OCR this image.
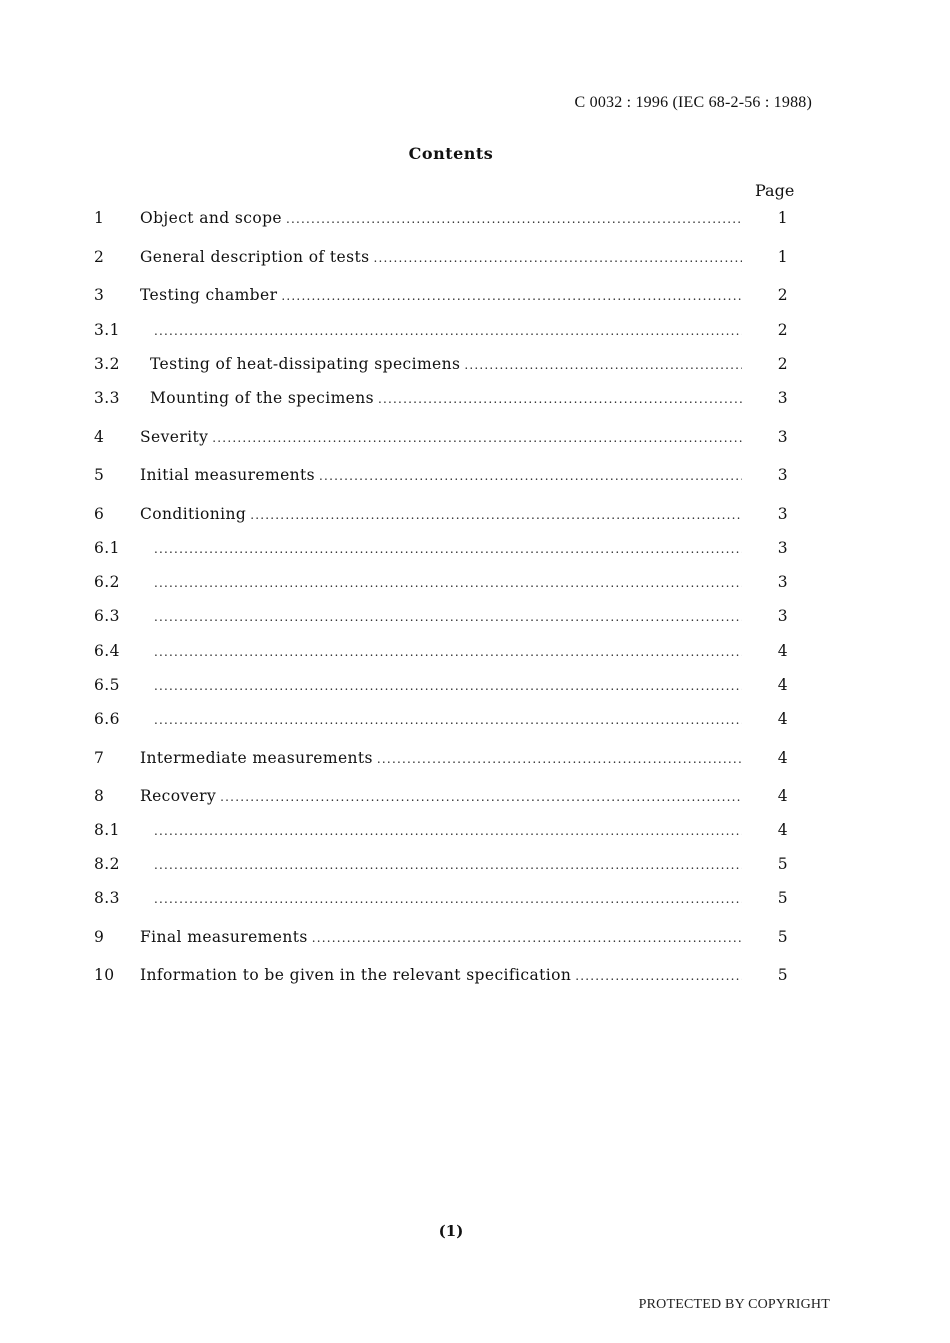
C 0032 : 1996 (IEC 68-2-56 : 1988)
Contents
Page
1	Object and scope .....	1
2	General description of tests .....	1
3	Testing chamber .....	2
3.1 .....	2
3.2	Testing of heat-dissipating specimens .....	2
3.3	Mounting of the specimens .....	3
4	Severity .....	3
5	Initial measurements .....	3
6	Conditioning .....	3
6.1 .....	3
6.2 .....	3
6.3 .....	3
6.4 .....	4
6.5 .....	4
6.6 .....	4
7	Intermediate measurements .....	4
8	Recovery .....	4
8.1 .....	4
8.2 .....	5
8.3 .....	5
9	Final measurements .....	5
10	Information to be given in the relevant specification .....	5
(1)
PROTECTED BY COPYRIGHT
